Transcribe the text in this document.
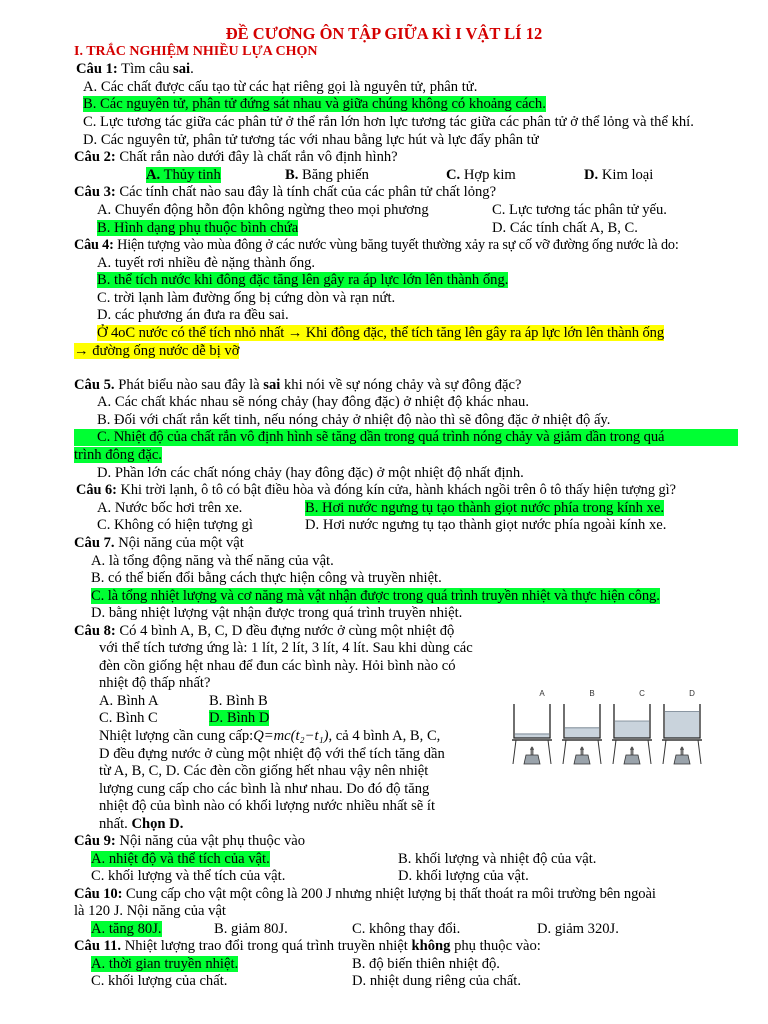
ĐỀ CƯƠNG ÔN TẬP GIỮA KÌ I VẬT LÍ 12
I. TRẮC NGHIỆM NHIỀU LỰA CHỌN
Câu 1: Tìm câu sai.
A. Các chất được cấu tạo từ các hạt riêng gọi là nguyên tử, phân tử.
B. Các nguyên tử, phân tử đứng sát nhau và giữa chúng không có khoảng cách.
C. Lực tương tác giữa các phân tử ở thể rắn lớn hơn lực tương tác giữa các phân tử ở thể lỏng và thể khí.
D. Các nguyên tử, phân tử tương tác với nhau bằng lực hút và lực đẩy phân tử
Câu 2: Chất rắn nào dưới đây là chất rắn vô định hình?
A. Thủy tinh	B. Băng phiến	C. Hợp kim	D. Kim loại
Câu 3: Các tính chất nào sau đây là tính chất của các phân tử chất lỏng?
A. Chuyển động hỗn độn không ngừng theo mọi phương	C. Lực tương tác phân tử yếu.
B. Hình dạng phụ thuộc bình chứa	D. Các tính chất A, B, C.
Câu 4: Hiện tượng vào mùa đông ở các nước vùng băng tuyết thường xảy ra sự cố vỡ đường ống nước là do:
A. tuyết rơi nhiều đè nặng thành ống.
B. thể tích nước khi đông đặc tăng lên gây ra áp lực lớn lên thành ống.
C. trời lạnh làm đường ống bị cứng dòn và rạn nứt.
D. các phương án đưa ra đều sai.
Ở 4oC nước có thể tích nhỏ nhất → Khi đông đặc, thể tích tăng lên gây ra áp lực lớn lên thành ống
→ đường ống nước dễ bị vỡ
Câu 5. Phát biểu nào sau đây là sai khi nói về sự nóng chảy và sự đông đặc?
A. Các chất khác nhau sẽ nóng chảy (hay đông đặc) ở nhiệt độ khác nhau.
B. Đối với chất rắn kết tinh, nếu nóng chảy ở nhiệt độ nào thì sẽ đông đặc ở nhiệt độ ấy.
C. Nhiệt độ của chất rắn vô định hình sẽ tăng dần trong quá trình nóng chảy và giảm dần trong quá
trình đông đặc.
D. Phần lớn các chất nóng chảy (hay đông đặc) ở một nhiệt độ nhất định.
Câu 6: Khi trời lạnh, ô tô có bật điều hòa và đóng kín cửa, hành khách ngồi trên ô tô thấy hiện tượng gì?
A. Nước bốc hơi trên xe.	B. Hơi nước ngưng tụ tạo thành giọt nước phía trong kính xe.
C. Không có hiện tượng gì	D. Hơi nước ngưng tụ tạo thành giọt nước phía ngoài kính xe.
Câu 7. Nội năng của một vật
A. là tổng động năng và thế năng của vật.
B. có thể biến đổi bằng cách thực hiện công và truyền nhiệt.
C. là tổng nhiệt lượng và cơ năng mà vật nhận được trong quá trình truyền nhiệt và thực hiện công.
D. bằng nhiệt lượng vật nhận được trong quá trình truyền nhiệt.
Câu 8: Có 4 bình A, B, C, D đều đựng nước ở cùng một nhiệt độ
với thể tích tương ứng là: 1 lít, 2 lít, 3 lít, 4 lít. Sau khi dùng các
đèn cồn giống hệt nhau để đun các bình này. Hỏi bình nào có
nhiệt độ thấp nhất?
A. Bình A	B. Bình B
C. Bình C	D. Bình D
Nhiệt lượng cần cung cấp:Q=mc(t₂−t₁), cả 4 bình A, B, C,
D đều đựng nước ở cùng một nhiệt độ với thể tích tăng dần
từ A, B, C, D. Các đèn cồn giống hết nhau vậy nên nhiệt
lượng cung cấp cho các bình là như nhau. Do đó độ tăng
nhiệt độ của bình nào có khối lượng nước nhiều nhất sẽ ít
nhất. Chọn D.
A	B	C	D
Câu 9: Nội năng của vật phụ thuộc vào
A. nhiệt độ và thể tích của vật.	B. khối lượng và nhiệt độ của vật.
C. khối lượng và thể tích của vật.	D. khối lượng của vật.
Câu 10: Cung cấp cho vật một công là 200 J nhưng nhiệt lượng bị thất thoát ra môi trường bên ngoài
là 120 J. Nội năng của vật
A. tăng 80J.	B. giảm 80J.	C. không thay đổi.	D. giảm 320J.
Câu 11. Nhiệt lượng trao đổi trong quá trình truyền nhiệt không phụ thuộc vào:
A. thời gian truyền nhiệt.	B. độ biến thiên nhiệt độ.
C. khối lượng của chất.	D. nhiệt dung riêng của chất.
